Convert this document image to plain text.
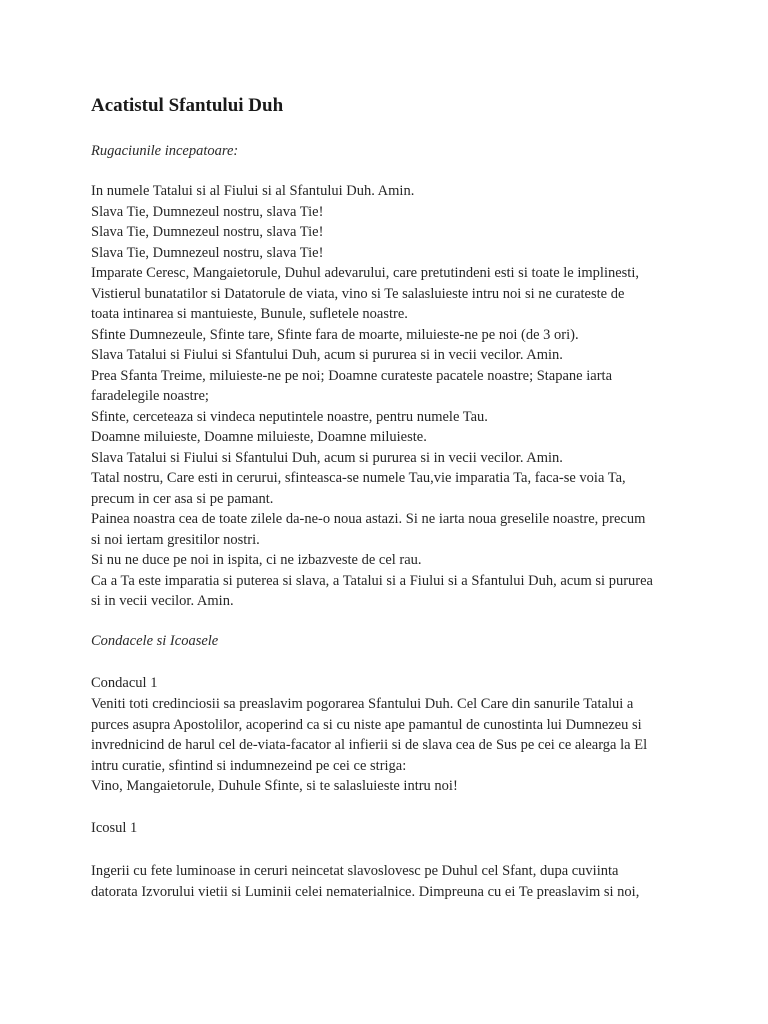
Acatistul Sfantului Duh

Rugaciunile incepatoare:

In numele Tatalui si al Fiului si al Sfantului Duh. Amin.
Slava Tie, Dumnezeul nostru, slava Tie!
Slava Tie, Dumnezeul nostru, slava Tie!
Slava Tie, Dumnezeul nostru, slava Tie!
Imparate Ceresc, Mangaietorule, Duhul adevarului, care pretutindeni esti si toate le implinesti,
Vistierul bunatatilor si Datatorule de viata, vino si Te salasluieste intru noi si ne curateste de
toata intinarea si mantuieste, Bunule, sufletele noastre.
Sfinte Dumnezeule, Sfinte tare, Sfinte fara de moarte, miluieste-ne pe noi (de 3 ori).
Slava Tatalui si Fiului si Sfantului Duh, acum si pururea si in vecii vecilor. Amin.
Prea Sfanta Treime, miluieste-ne pe noi; Doamne curateste pacatele noastre; Stapane iarta
faradelegile noastre;
Sfinte, cerceteaza si vindeca neputintele noastre, pentru numele Tau.
Doamne miluieste, Doamne miluieste, Doamne miluieste.
Slava Tatalui si Fiului si Sfantului Duh, acum si pururea si in vecii vecilor. Amin.
Tatal nostru, Care esti in cerurui, sfinteasca-se numele Tau,vie imparatia Ta, faca-se voia Ta,
precum in cer asa si pe pamant.
Painea noastra cea de toate zilele da-ne-o noua astazi. Si ne iarta noua greselile noastre, precum
si noi iertam gresitilor nostri.
Si nu ne duce pe noi in ispita, ci ne izbazveste de cel rau.
Ca a Ta este imparatia si puterea si slava, a Tatalui si a Fiului si a Sfantului Duh, acum si pururea
si in vecii vecilor. Amin.

Condacele si Icoasele

Condacul 1

Veniti toti credinciosii sa preaslavim pogorarea Sfantului Duh. Cel Care din sanurile Tatalui a
purces asupra Apostolilor, acoperind ca si cu niste ape pamantul de cunostinta lui Dumnezeu si
invrednicind de harul cel de-viata-facator al infierii si de slava cea de Sus pe cei ce alearga la El
intru curatie, sfintind si indumnezeind pe cei ce striga:
Vino, Mangaietorule, Duhule Sfinte, si te salasluieste intru noi!

Icosul 1

Ingerii cu fete luminoase in ceruri neincetat slavoslovesc pe Duhul cel Sfant, dupa cuviinta
datorata Izvorului vietii si Luminii celei nematerialnice. Dimpreuna cu ei Te preaslavim si noi,
